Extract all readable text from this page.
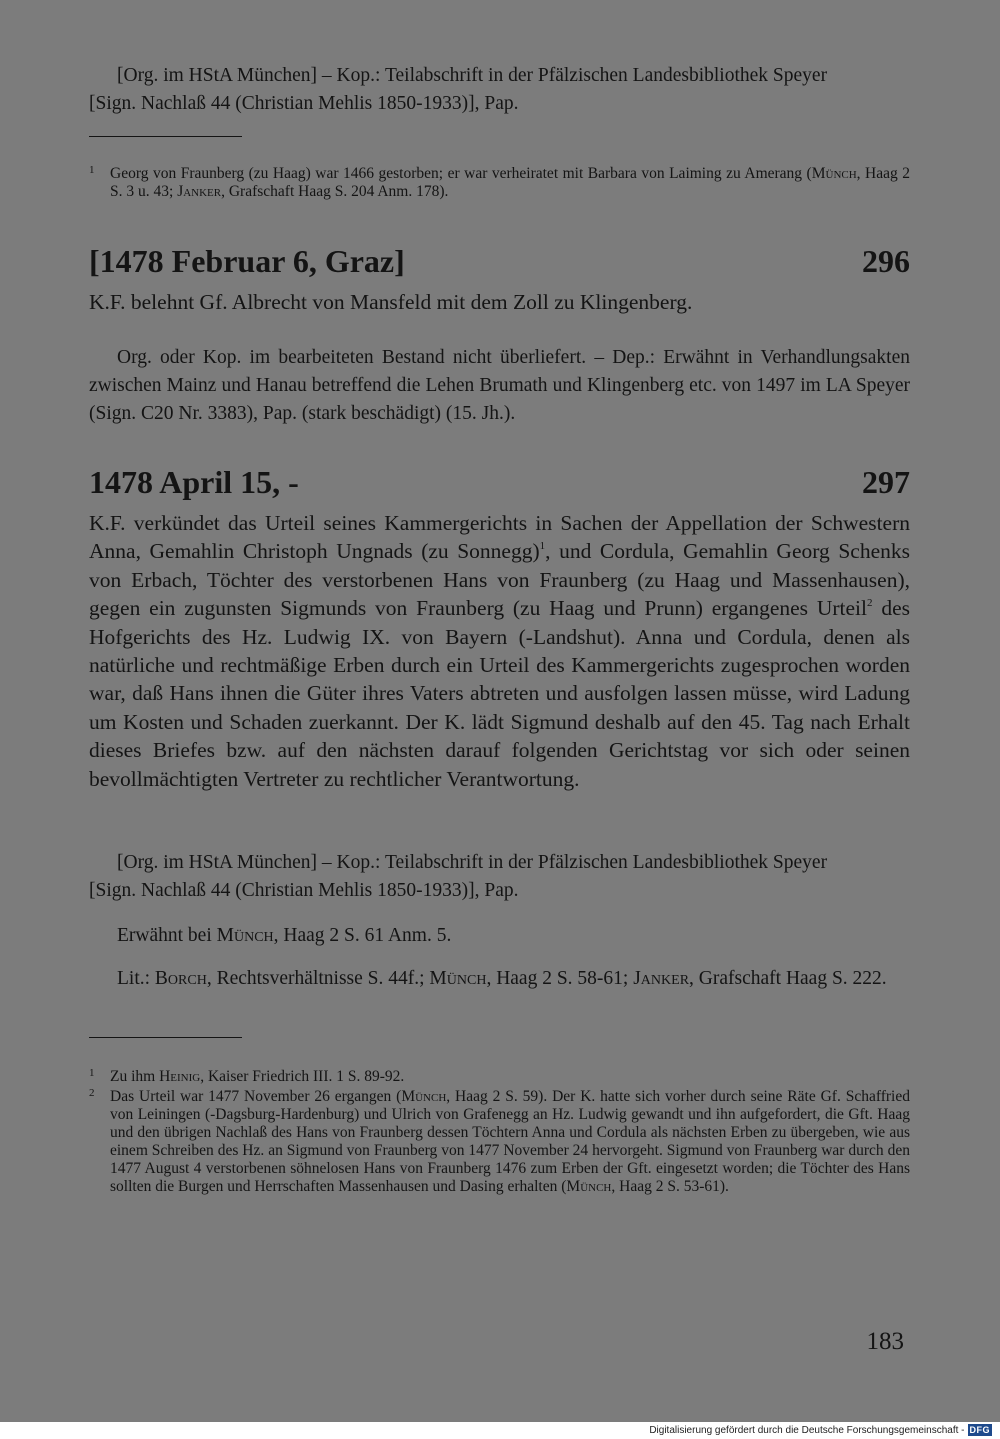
[Org. im HStA München] – Kop.: Teilabschrift in der Pfälzischen Landesbibliothek Speyer

[Sign. Nachlaß 44 (Christian Mehlis 1850-1933)], Pap.

1	Georg von Fraunberg (zu Haag) war 1466 gestorben; er war verheiratet mit Barbara von Laiming zu Amerang (Münch, Haag 2 S. 3 u. 43; Janker, Grafschaft Haag S. 204 Anm. 178).
[1478 Februar 6, Graz]	296

K.F. belehnt Gf. Albrecht von Mansfeld mit dem Zoll zu Klingenberg.

Org. oder Kop. im bearbeiteten Bestand nicht überliefert. – Dep.: Erwähnt in Verhandlungsakten zwischen Mainz und Hanau betreffend die Lehen Brumath und Klingenberg etc. von 1497 im LA Speyer (Sign. C20 Nr. 3383), Pap. (stark beschädigt) (15. Jh.).

1478 April 15, -	297

K.F. verkündet das Urteil seines Kammergerichts in Sachen der Appellation der Schwestern Anna, Gemahlin Christoph Ungnads (zu Sonnegg)$^1$, und Cordula, Gemahlin Georg Schenks von Erbach, Töchter des verstorbenen Hans von Fraunberg (zu Haag und Massenhausen), gegen ein zugunsten Sigmunds von Fraunberg (zu Haag und Prunn) ergangenes Urteil$^2$ des Hofgerichts des Hz. Ludwig IX. von Bayern (-Landshut). Anna und Cordula, denen als natürliche und rechtmäßige Erben durch ein Urteil des Kammergerichts zugesprochen worden war, daß Hans ihnen die Güter ihres Vaters abtreten und ausfolgen lassen müsse, wird Ladung um Kosten und Schaden zuerkannt. Der K. lädt Sigmund deshalb auf den 45. Tag nach Erhalt dieses Briefes bzw. auf den nächsten darauf folgenden Gerichtstag vor sich oder seinen bevollmächtigten Vertreter zu rechtlicher Verantwortung.

[Org. im HStA München] – Kop.: Teilabschrift in der Pfälzischen Landesbibliothek Speyer

[Sign. Nachlaß 44 (Christian Mehlis 1850-1933)], Pap.

Erwähnt bei Münch, Haag 2 S. 61 Anm. 5.

Lit.: Borch, Rechtsverhältnisse S. 44f.; Münch, Haag 2 S. 58-61; Janker, Grafschaft Haag S. 222.

1	Zu ihm Heinig, Kaiser Friedrich III. 1 S. 89-92.
2	Das Urteil war 1477 November 26 ergangen (Münch, Haag 2 S. 59). Der K. hatte sich vorher durch seine Räte Gf. Schaffried von Leiningen (-Dagsburg-Hardenburg) und Ulrich von Grafenegg an Hz. Ludwig gewandt und ihn aufgefordert, die Gft. Haag und den übrigen Nachlaß des Hans von Fraunberg dessen Töchtern Anna und Cordula als nächsten Erben zu übergeben, wie aus einem Schreiben des Hz. an Sigmund von Fraunberg von 1477 November 24 hervorgeht. Sigmund von Fraunberg war durch den 1477 August 4 verstorbenen söhnelosen Hans von Fraunberg 1476 zum Erben der Gft. eingesetzt worden; die Töchter des Hans sollten die Burgen und Herrschaften Massenhausen und Dasing erhalten (Münch, Haag 2 S. 53-61).
183
Digitalisierung gefördert durch die Deutsche Forschungsgemeinschaft - DFG
